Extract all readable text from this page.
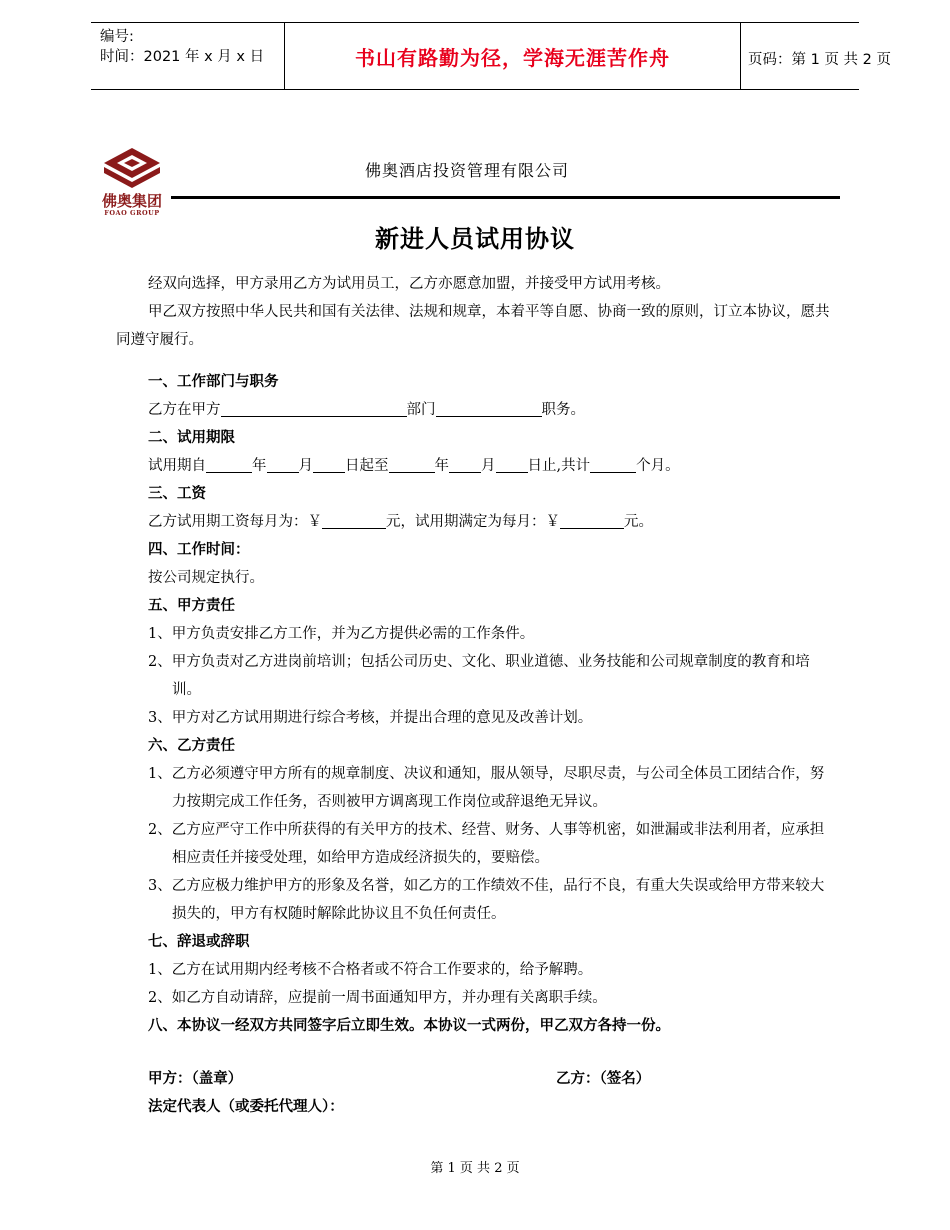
编号:
时间：2021 年 x 月 x 日	书山有路勤为径，学海无涯苦作舟	页码：第 1 页 共 2 页
佛奥集团
FOAO GROUP
佛奥酒店投资管理有限公司
新进人员试用协议

经双向选择，甲方录用乙方为试用员工，乙方亦愿意加盟，并接受甲方试用考核。

甲乙双方按照中华人民共和国有关法律、法规和规章，本着平等自愿、协商一致的原则，订立本协议，愿共同遵守履行。

一、工作部门与职务

乙方在甲方	部门	职务。

二、试用期限

试用期自	年 月 日起至	年 月 日止,共计	个月。

三、工资

乙方试用期工资每月为：￥	元，试用期满定为每月：￥	元。

四、工作时间：

按公司规定执行。

五、甲方责任

1、甲方负责安排乙方工作，并为乙方提供必需的工作条件。

2、甲方负责对乙方进岗前培训；包括公司历史、文化、职业道德、业务技能和公司规章制度的教育和培训。

3、甲方对乙方试用期进行综合考核，并提出合理的意见及改善计划。

六、乙方责任

1、乙方必须遵守甲方所有的规章制度、决议和通知，服从领导，尽职尽责，与公司全体员工团结合作，努力按期完成工作任务，否则被甲方调离现工作岗位或辞退绝无异议。

2、乙方应严守工作中所获得的有关甲方的技术、经营、财务、人事等机密，如泄漏或非法利用者，应承担相应责任并接受处理，如给甲方造成经济损失的，要赔偿。

3、乙方应极力维护甲方的形象及名誉，如乙方的工作绩效不佳，品行不良，有重大失误或给甲方带来较大损失的，甲方有权随时解除此协议且不负任何责任。

七、辞退或辞职

1、乙方在试用期内经考核不合格者或不符合工作要求的，给予解聘。

2、如乙方自动请辞，应提前一周书面通知甲方，并办理有关离职手续。

八、本协议一经双方共同签字后立即生效。本协议一式两份，甲乙双方各持一份。

甲方：（盖章）	乙方：（签名）
法定代表人（或委托代理人）：
第 1 页 共 2 页
